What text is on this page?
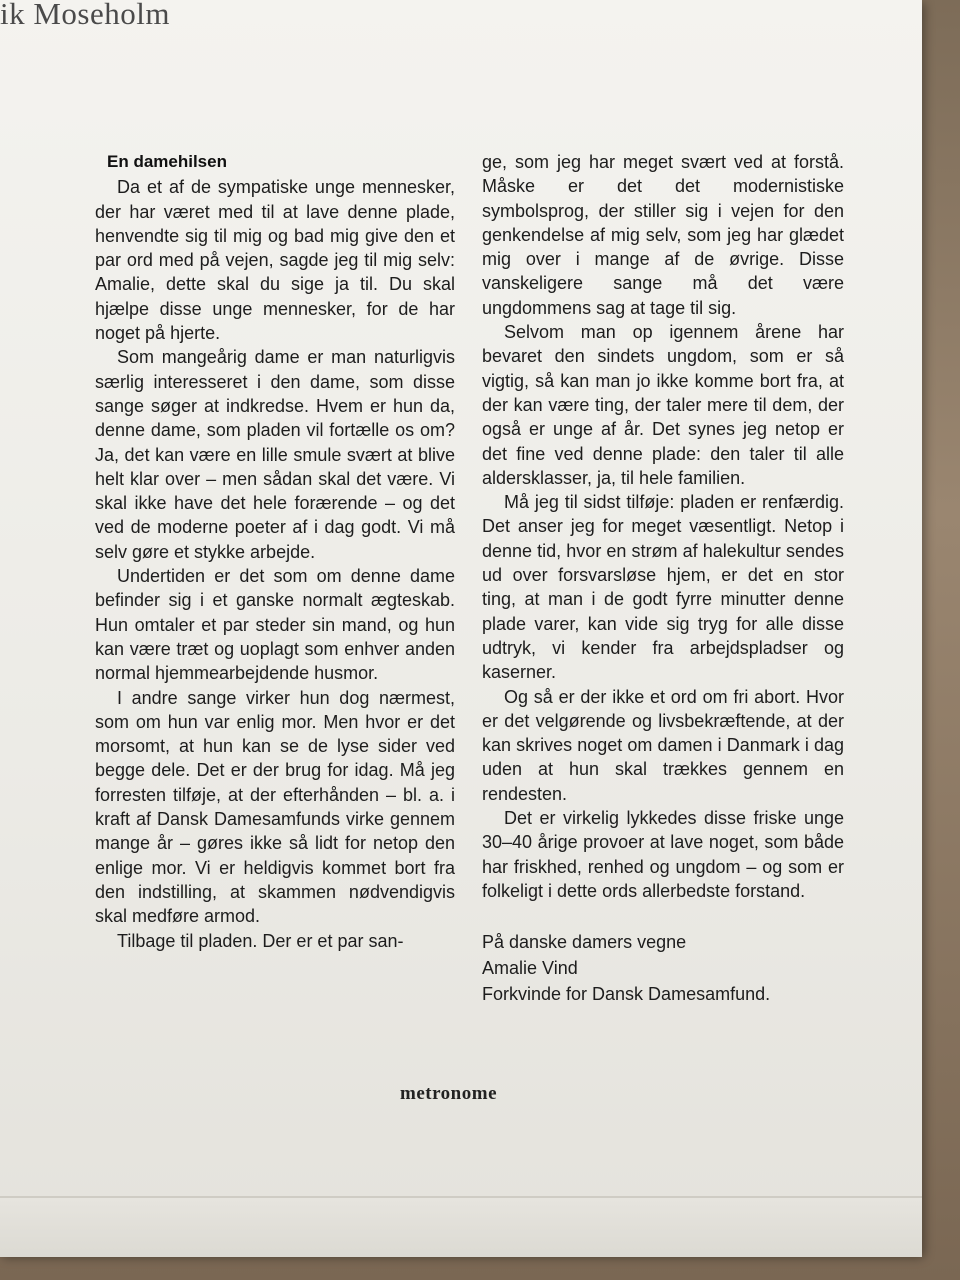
ik Moseholm
En damehilsen

Da et af de sympatiske unge mennesker, der har været med til at lave denne plade, henvendte sig til mig og bad mig give den et par ord med på vejen, sagde jeg til mig selv: Amalie, dette skal du sige ja til. Du skal hjælpe disse unge mennesker, for de har noget på hjerte.

Som mangeårig dame er man naturligvis særlig interesseret i den dame, som disse sange søger at indkredse. Hvem er hun da, denne dame, som pladen vil fortælle os om? Ja, det kan være en lille smule svært at blive helt klar over – men sådan skal det være. Vi skal ikke have det hele forærende – og det ved de moderne poeter af i dag godt. Vi må selv gøre et stykke arbejde.

Undertiden er det som om denne dame befinder sig i et ganske normalt ægteskab. Hun omtaler et par steder sin mand, og hun kan være træt og uoplagt som enhver anden normal hjemmearbejdende husmor.

I andre sange virker hun dog nærmest, som om hun var enlig mor. Men hvor er det morsomt, at hun kan se de lyse sider ved begge dele. Det er der brug for idag. Må jeg forresten tilføje, at der efterhånden – bl. a. i kraft af Dansk Damesamfunds virke gennem mange år – gøres ikke så lidt for netop den enlige mor. Vi er heldigvis kommet bort fra den indstilling, at skammen nødvendigvis skal medføre armod.

Tilbage til pladen. Der er et par san-

ge, som jeg har meget svært ved at forstå. Måske er det det modernistiske symbolsprog, der stiller sig i vejen for den genkendelse af mig selv, som jeg har glædet mig over i mange af de øvrige. Disse vanskeligere sange må det være ungdommens sag at tage til sig.

Selvom man op igennem årene har bevaret den sindets ungdom, som er så vigtig, så kan man jo ikke komme bort fra, at der kan være ting, der taler mere til dem, der også er unge af år. Det synes jeg netop er det fine ved denne plade: den taler til alle aldersklasser, ja, til hele familien.

Må jeg til sidst tilføje: pladen er renfærdig. Det anser jeg for meget væsentligt. Netop i denne tid, hvor en strøm af halekultur sendes ud over forsvarsløse hjem, er det en stor ting, at man i de godt fyrre minutter denne plade varer, kan vide sig tryg for alle disse udtryk, vi kender fra arbejdspladser og kaserner.

Og så er der ikke et ord om fri abort. Hvor er det velgørende og livsbekræftende, at der kan skrives noget om damen i Danmark i dag uden at hun skal trækkes gennem en rendesten.

Det er virkelig lykkedes disse friske unge 30–40 årige provoer at lave noget, som både har friskhed, renhed og ungdom – og som er folkeligt i dette ords allerbedste forstand.

På danske damers vegne
Amalie Vind
Forkvinde for Dansk Damesamfund.
metronome
